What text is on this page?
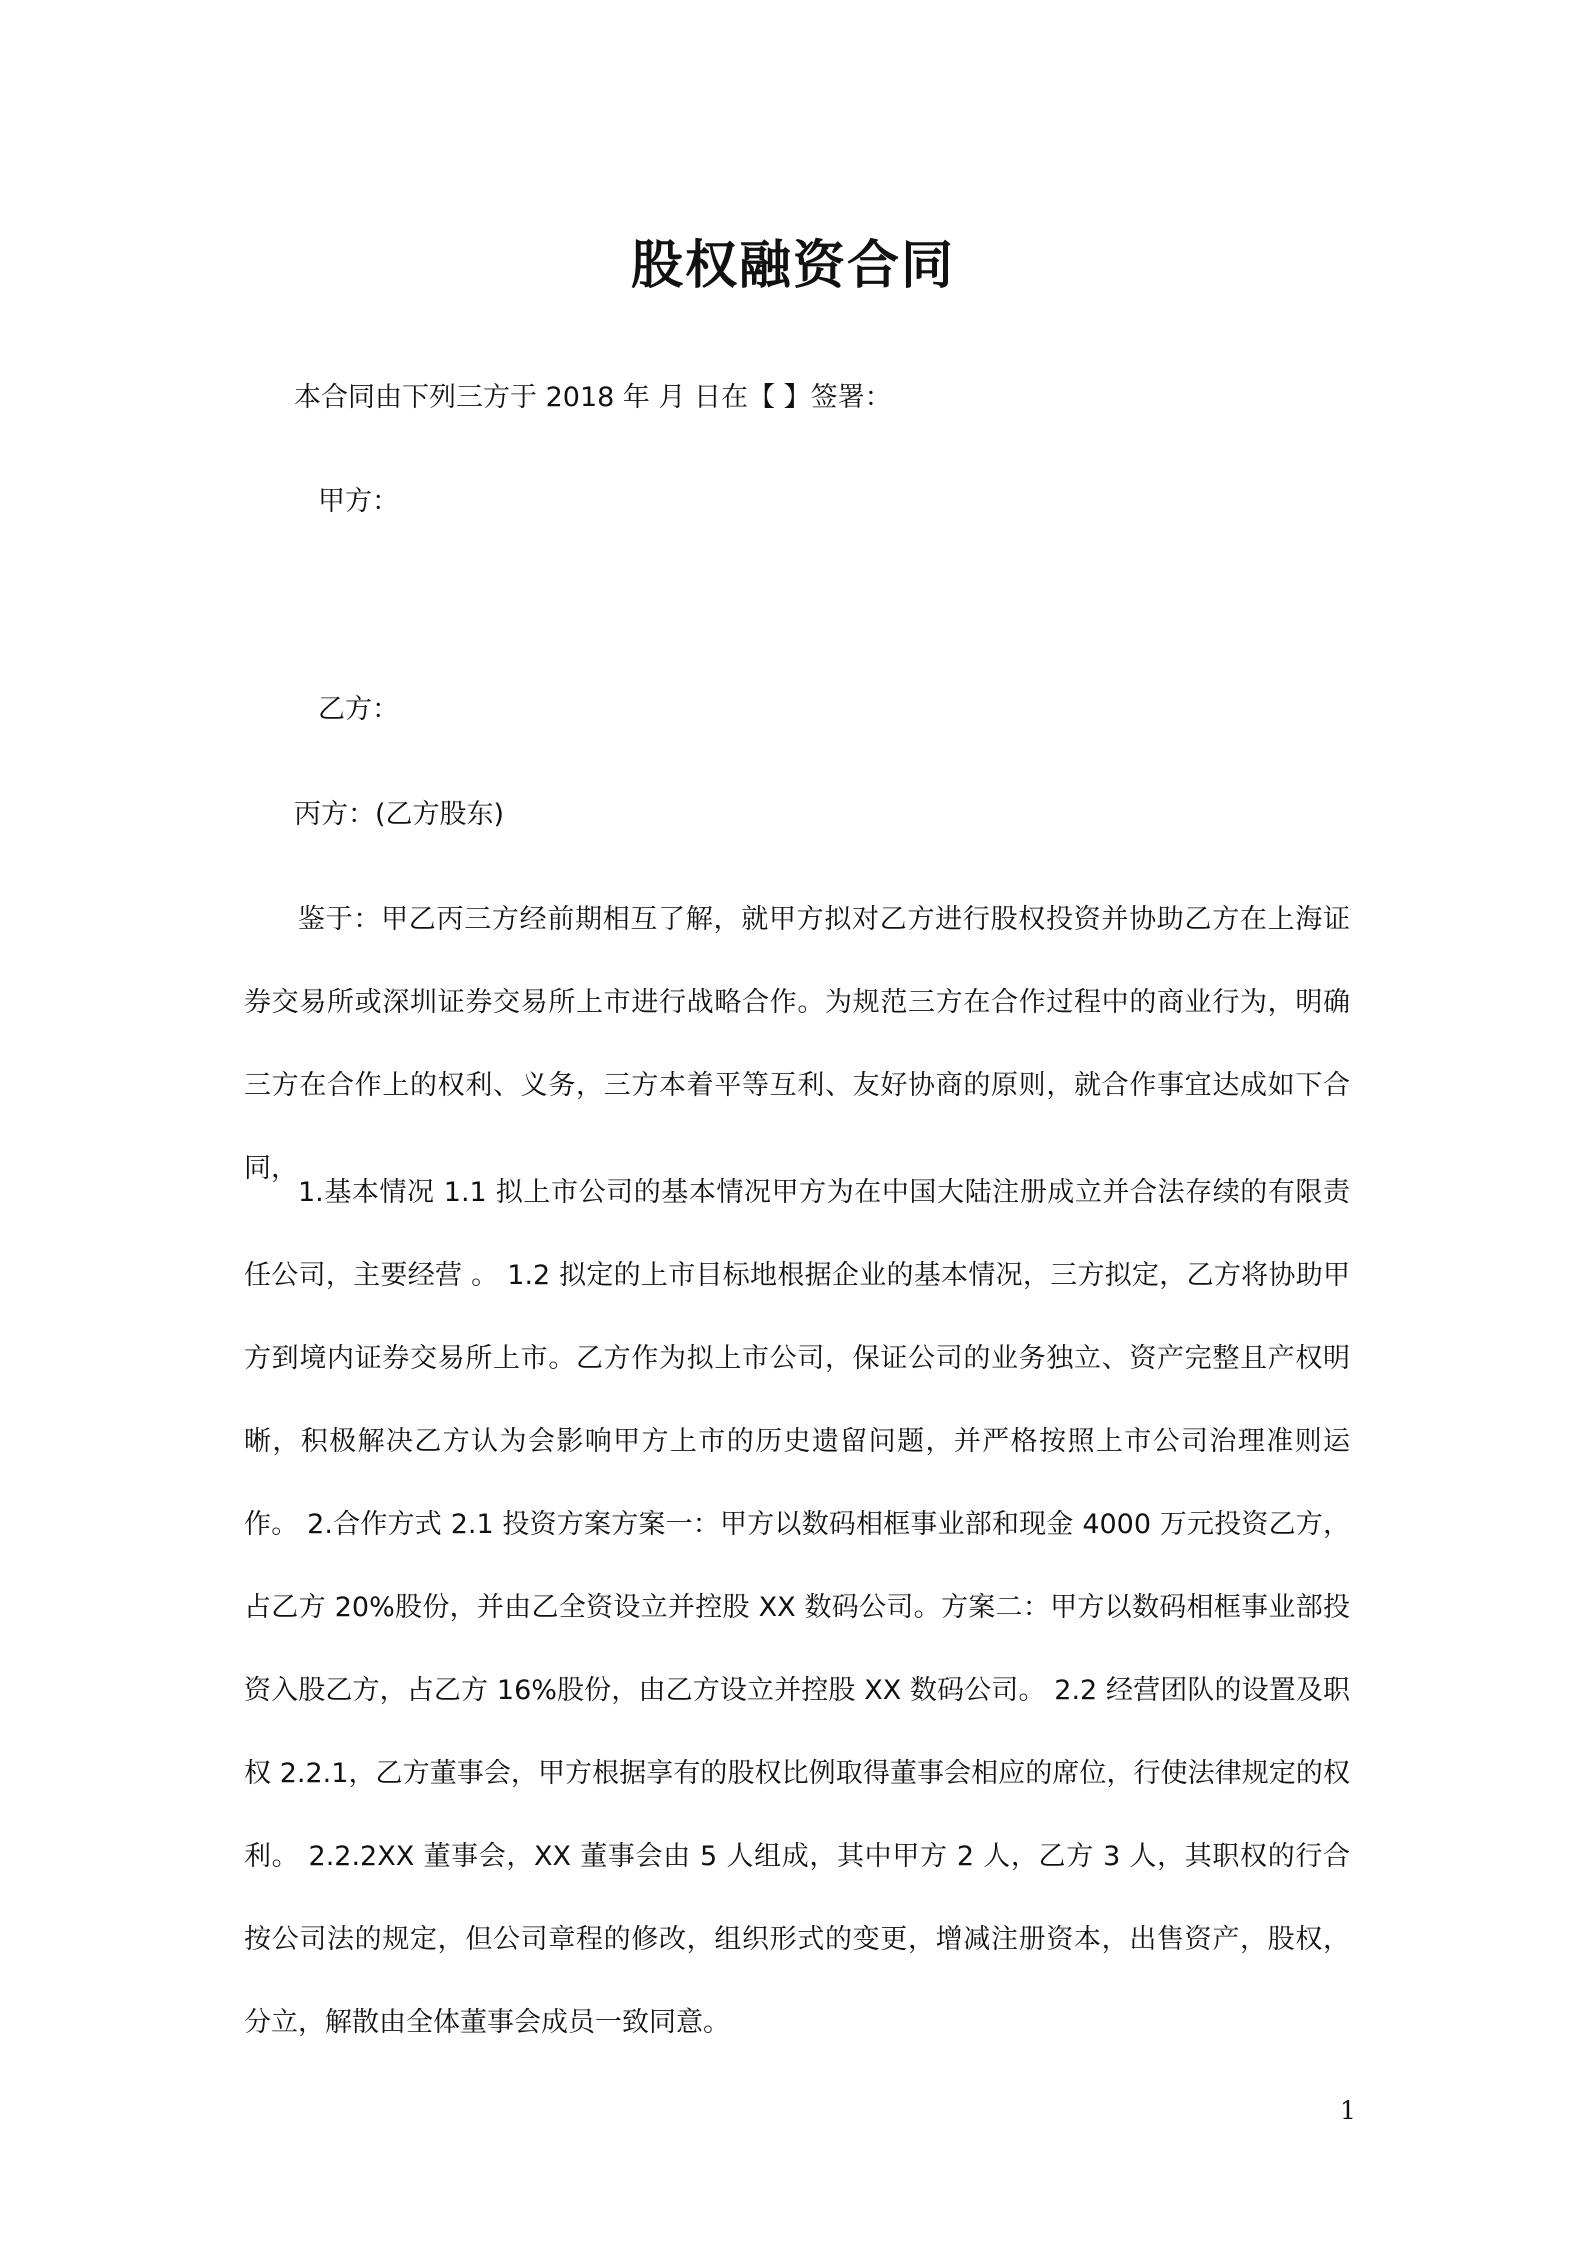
股权融资合同
本合同由下列三方于 2018 年 月 日在【 】签署：
甲方：
乙方：
丙方：(乙方股东)
鉴于：甲乙丙三方经前期相互了解，就甲方拟对乙方进行股权投资并协助乙方在上海证券交易所或深圳证券交易所上市进行战略合作。为规范三方在合作过程中的商业行为，明确三方在合作上的权利、义务，三方本着平等互利、友好协商的原则，就合作事宜达成如下合同，
1.基本情况 1.1 拟上市公司的基本情况甲方为在中国大陆注册成立并合法存续的有限责任公司，主要经营 。 1.2 拟定的上市目标地根据企业的基本情况，三方拟定，乙方将协助甲方到境内证券交易所上市。乙方作为拟上市公司，保证公司的业务独立、资产完整且产权明晰，积极解决乙方认为会影响甲方上市的历史遗留问题，并严格按照上市公司治理准则运作。 2.合作方式 2.1 投资方案方案一：甲方以数码相框事业部和现金 4000 万元投资乙方，占乙方 20%股份，并由乙全资设立并控股 XX 数码公司。方案二：甲方以数码相框事业部投资入股乙方，占乙方 16%股份，由乙方设立并控股 XX 数码公司。 2.2 经营团队的设置及职权 2.2.1，乙方董事会，甲方根据享有的股权比例取得董事会相应的席位，行使法律规定的权利。 2.2.2XX 董事会，XX 董事会由 5 人组成，其中甲方 2 人，乙方 3 人，其职权的行合按公司法的规定，但公司章程的修改，组织形式的变更，增减注册资本，出售资产，股权，分立，解散由全体董事会成员一致同意。
1
